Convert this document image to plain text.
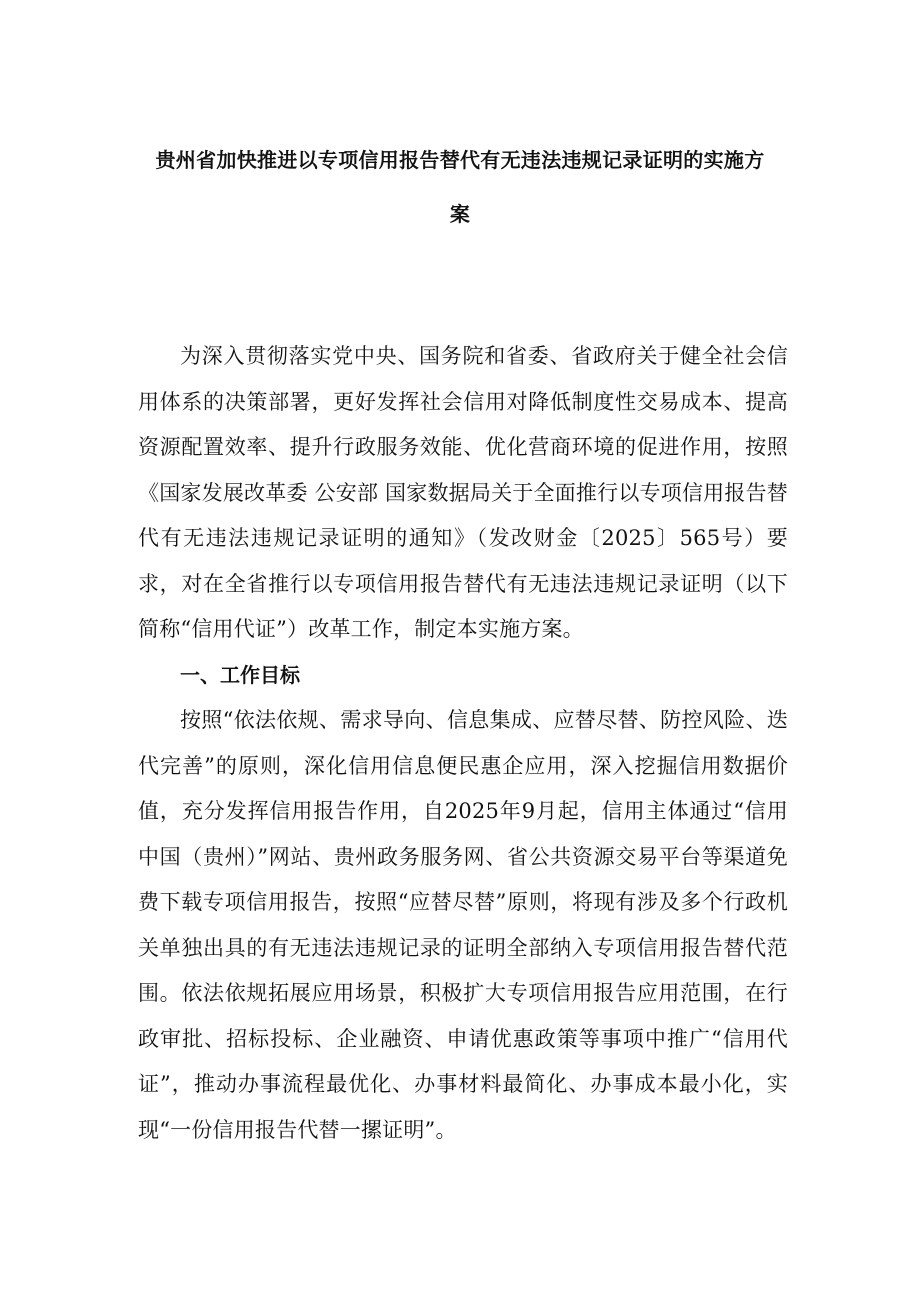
贵州省加快推进以专项信用报告替代有无违法违规记录证明的实施方
案

为深入贯彻落实党中央、国务院和省委、省政府关于健全社会信用体系的决策部署，更好发挥社会信用对降低制度性交易成本、提高资源配置效率、提升行政服务效能、优化营商环境的促进作用，按照《国家发展改革委 公安部 国家数据局关于全面推行以专项信用报告替代有无违法违规记录证明的通知》（发改财金〔2025〕565号）要求，对在全省推行以专项信用报告替代有无违法违规记录证明（以下简称“信用代证”）改革工作，制定本实施方案。

一、工作目标

按照“依法依规、需求导向、信息集成、应替尽替、防控风险、迭代完善”的原则，深化信用信息便民惠企应用，深入挖掘信用数据价值，充分发挥信用报告作用，自2025年9月起，信用主体通过“信用中国（贵州）”网站、贵州政务服务网、省公共资源交易平台等渠道免费下载专项信用报告，按照“应替尽替”原则，将现有涉及多个行政机关单独出具的有无违法违规记录的证明全部纳入专项信用报告替代范围。依法依规拓展应用场景，积极扩大专项信用报告应用范围，在行政审批、招标投标、企业融资、申请优惠政策等事项中推广“信用代证”，推动办事流程最优化、办事材料最简化、办事成本最小化，实现“一份信用报告代替一摞证明”。
